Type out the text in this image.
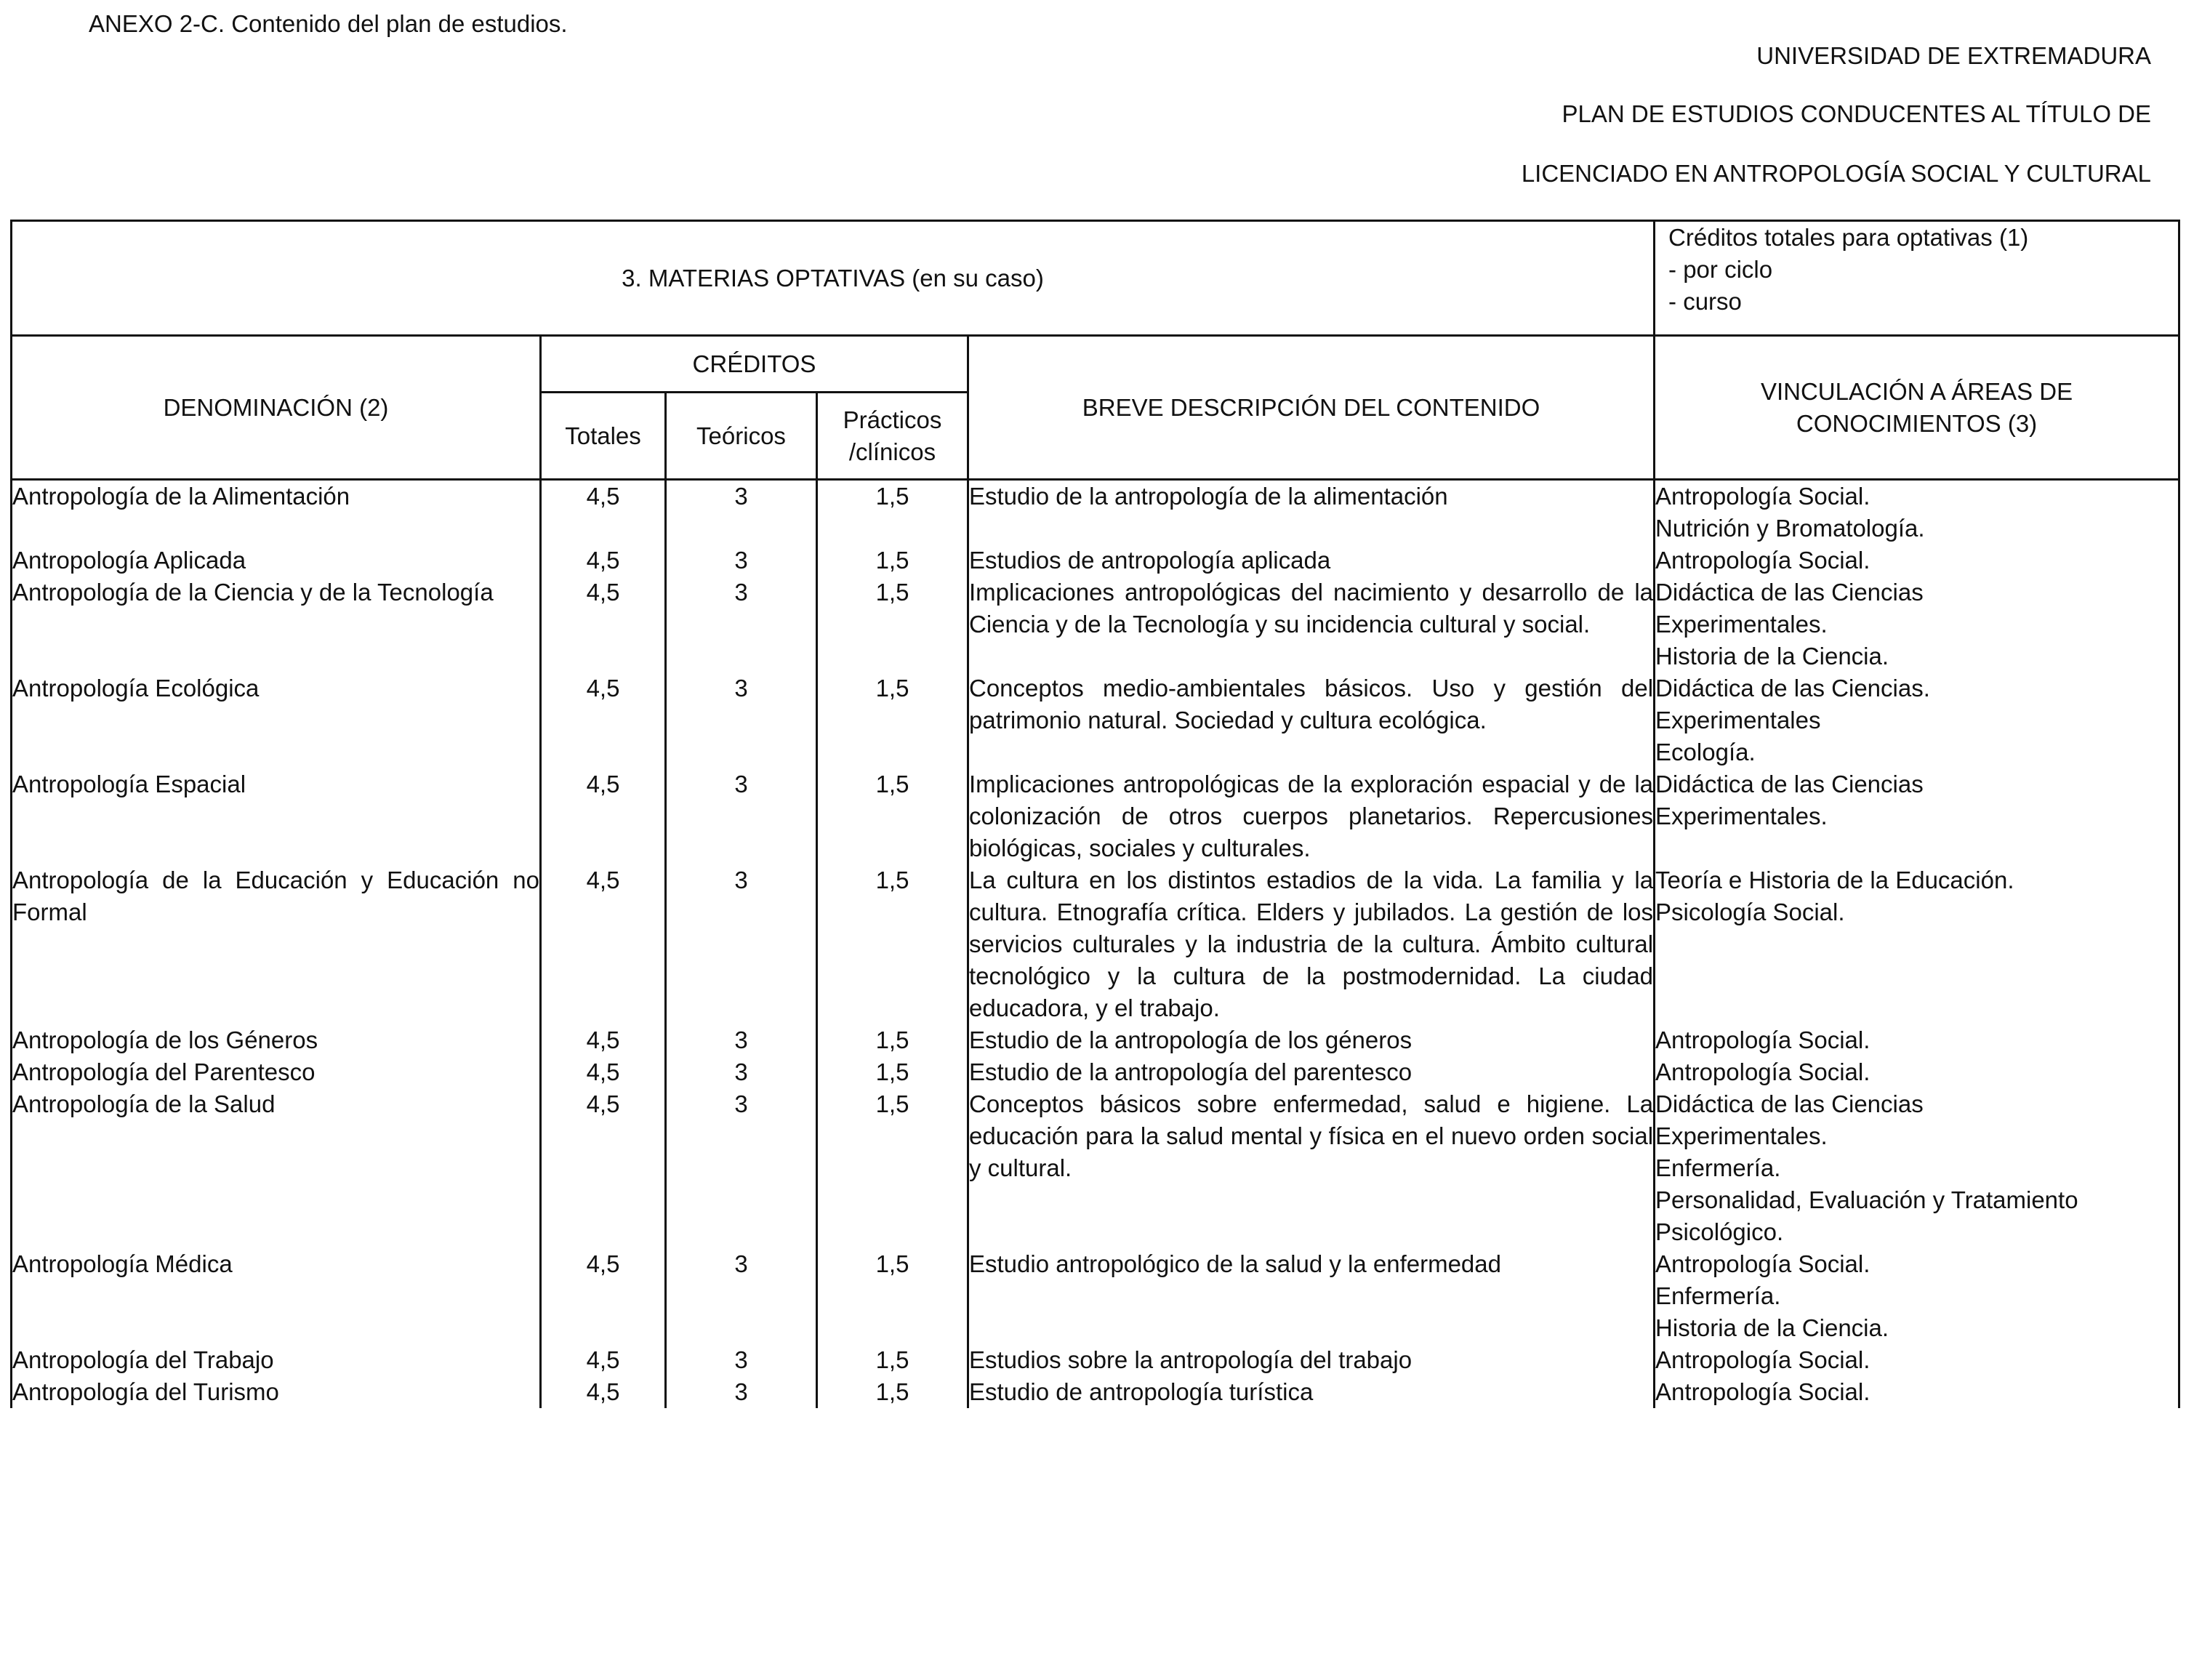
ANEXO 2-C. Contenido del plan de estudios.
UNIVERSIDAD DE EXTREMADURA
PLAN DE ESTUDIOS CONDUCENTES AL TÍTULO DE
LICENCIADO EN ANTROPOLOGÍA SOCIAL Y CULTURAL
3. MATERIAS OPTATIVAS (en su caso)					Créditos totales para optativas (1)
- por ciclo
- curso

DENOMINACIÓN (2)	CRÉDITOS			BREVE DESCRIPCIÓN DEL CONTENIDO	VINCULACIÓN A ÁREAS DE
CONOCIMIENTOS (3)

	Totales	Teóricos	Prácticos
/clínicos		

Antropología de la Alimentación	4,5	3	1,5	Estudio de la antropología de la alimentación	Antropología Social.
Nutrición y Bromatología.

Antropología Aplicada	4,5	3	1,5	Estudios de antropología aplicada	Antropología Social.

Antropología de la Ciencia y de la Tecnología	4,5	3	1,5	Implicaciones antropológicas del nacimiento y desarrollo de la Ciencia y de la Tecnología y su incidencia cultural y social.	Didáctica de las Ciencias
Experimentales.
Historia de la Ciencia.

Antropología Ecológica	4,5	3	1,5	Conceptos medio-ambientales básicos. Uso y gestión del patrimonio natural. Sociedad y cultura ecológica.	Didáctica de las Ciencias.
Experimentales
Ecología.

Antropología Espacial	4,5	3	1,5	Implicaciones antropológicas de la exploración espacial y de la colonización de otros cuerpos planetarios. Repercusiones biológicas, sociales y culturales.	Didáctica de las Ciencias
Experimentales.

Antropología de la Educación y Educación no Formal	4,5	3	1,5	La cultura en los distintos estadios de la vida. La familia y la cultura. Etnografía crítica. Elders y jubilados. La gestión de los servicios culturales y la industria de la cultura. Ámbito cultural tecnológico y la cultura de la postmodernidad. La ciudad educadora, y el trabajo.	Teoría e Historia de la Educación.
Psicología Social.

Antropología de los Géneros	4,5	3	1,5	Estudio de la antropología de los géneros	Antropología Social.

Antropología del Parentesco	4,5	3	1,5	Estudio de la antropología del parentesco	Antropología Social.

Antropología de la Salud	4,5	3	1,5	Conceptos básicos sobre enfermedad, salud e higiene. La educación para la salud mental y física en el nuevo orden social y cultural.	Didáctica de las Ciencias
Experimentales.
Enfermería.
Personalidad, Evaluación y Tratamiento
Psicológico.

Antropología Médica	4,5	3	1,5	Estudio antropológico de la salud y la enfermedad	Antropología Social.
Enfermería.
Historia de la Ciencia.

Antropología del Trabajo	4,5	3	1,5	Estudios sobre la antropología del trabajo	Antropología Social.

Antropología del Turismo	4,5	3	1,5	Estudio de antropología turística	Antropología Social.
